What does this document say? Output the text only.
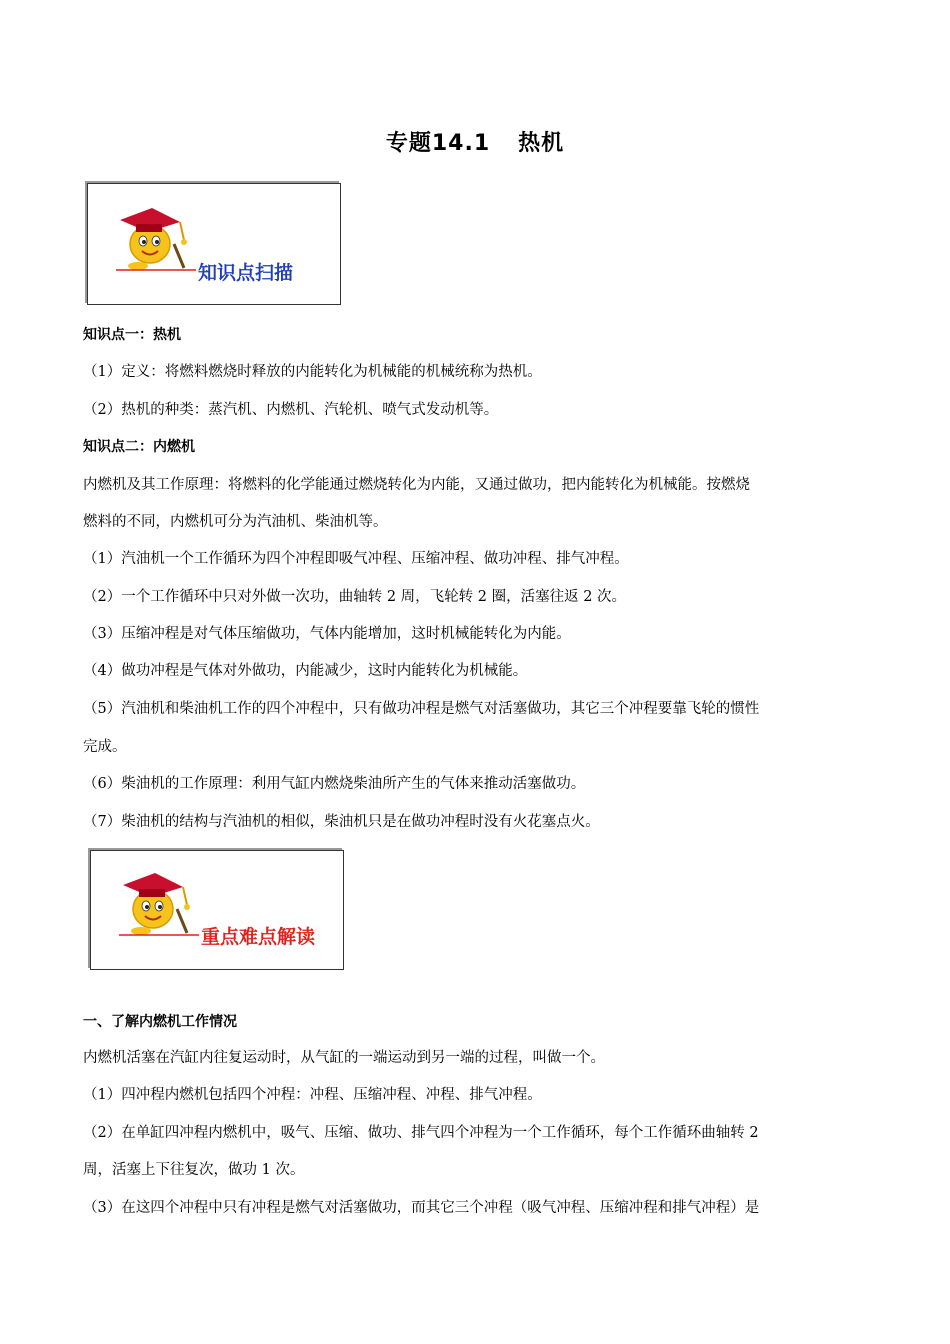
专题14.1 热机
知识点扫描
重点难点解读
知识点一：热机
（1）定义：将燃料燃烧时释放的内能转化为机械能的机械统称为热机。
（2）热机的种类：蒸汽机、内燃机、汽轮机、喷气式发动机等。
知识点二：内燃机
内燃机及其工作原理：将燃料的化学能通过燃烧转化为内能，又通过做功，把内能转化为机械能。按燃烧
燃料的不同，内燃机可分为汽油机、柴油机等。
（1）汽油机一个工作循环为四个冲程即吸气冲程、压缩冲程、做功冲程、排气冲程。
（2）一个工作循环中只对外做一次功，曲轴转 2 周，飞轮转 2 圈，活塞往返 2 次。
（3）压缩冲程是对气体压缩做功，气体内能增加，这时机械能转化为内能。
（4）做功冲程是气体对外做功，内能减少，这时内能转化为机械能。
（5）汽油机和柴油机工作的四个冲程中，只有做功冲程是燃气对活塞做功，其它三个冲程要靠飞轮的惯性
完成。
（6）柴油机的工作原理：利用气缸内燃烧柴油所产生的气体来推动活塞做功。
（7）柴油机的结构与汽油机的相似，柴油机只是在做功冲程时没有火花塞点火。
一、了解内燃机工作情况
内燃机活塞在汽缸内往复运动时，从气缸的一端运动到另一端的过程，叫做一个。
（1）四冲程内燃机包括四个冲程：冲程、压缩冲程、冲程、排气冲程。
（2）在单缸四冲程内燃机中，吸气、压缩、做功、排气四个冲程为一个工作循环，每个工作循环曲轴转 2
周，活塞上下往复次，做功 1 次。
（3）在这四个冲程中只有冲程是燃气对活塞做功，而其它三个冲程（吸气冲程、压缩冲程和排气冲程）是
